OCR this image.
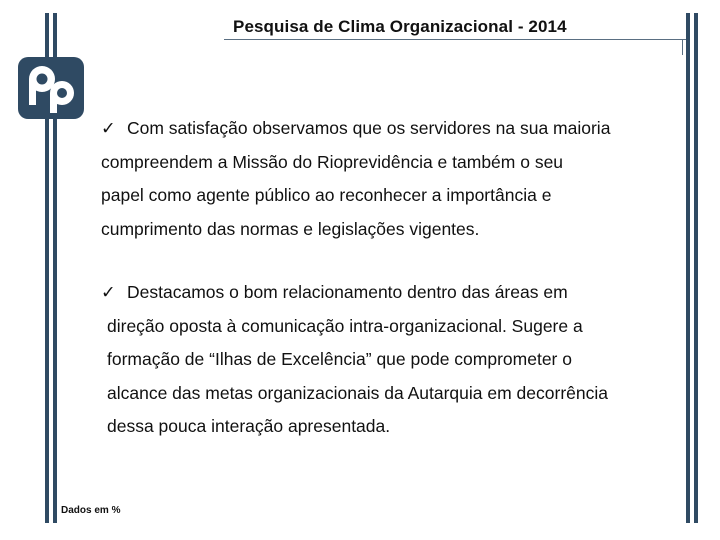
Pesquisa de Clima Organizacional - 2014
✓ Com satisfação observamos que os servidores na sua maioria
compreendem a Missão do Rioprevidência e também o seu
papel como agente público ao reconhecer a importância e
cumprimento das normas e legislações vigentes.
✓ Destacamos o bom relacionamento dentro das áreas em
direção oposta à comunicação intra-organizacional. Sugere a
formação de “Ilhas de Excelência” que pode comprometer o
alcance das metas organizacionais da Autarquia em decorrência
dessa pouca interação apresentada.
Dados em %
